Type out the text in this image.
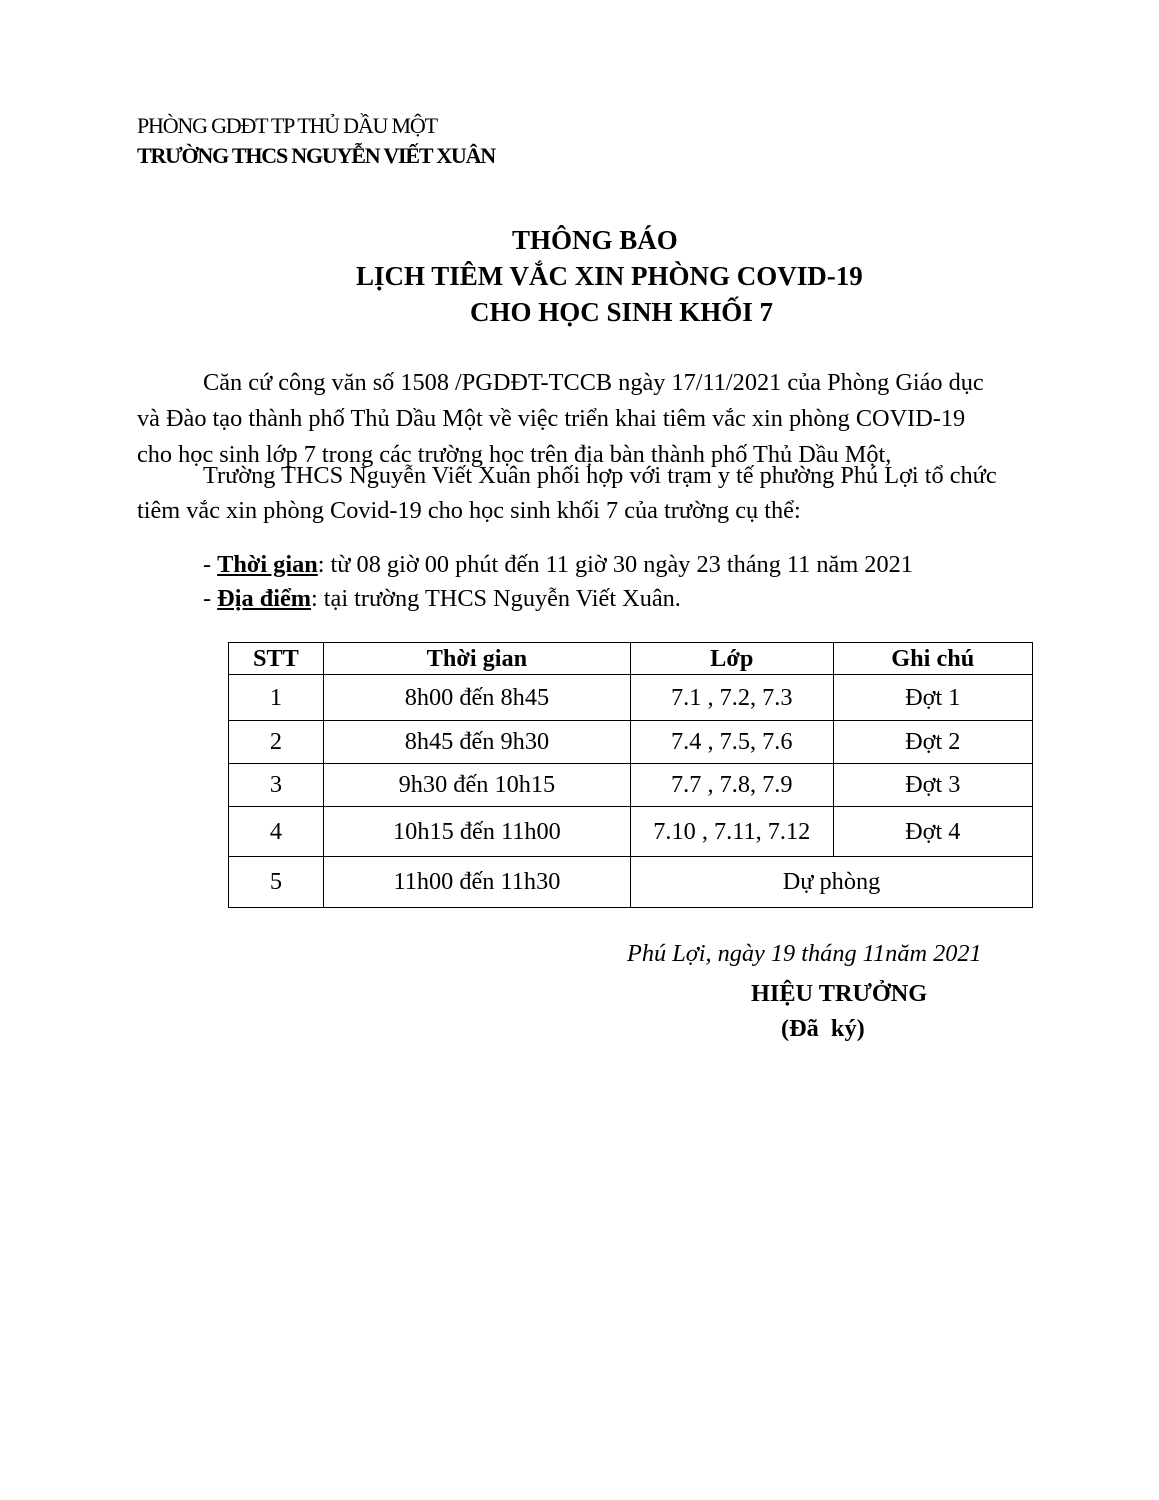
PHÒNG GDĐT TP THỦ DẦU MỘT
TRƯỜNG THCS NGUYỄN VIẾT XUÂN
THÔNG BÁO
LỊCH TIÊM VẮC XIN PHÒNG COVID-19
CHO HỌC SINH KHỐI 7
Căn cứ công văn số 1508 /PGDĐT-TCCB ngày 17/11/2021 của Phòng Giáo dục
và Đào tạo thành phố Thủ Dầu Một về việc triển khai tiêm vắc xin phòng COVID-19
cho học sinh lớp 7 trong các trường học trên địa bàn thành phố Thủ Dầu Một,
Trường THCS Nguyễn Viết Xuân phối hợp với trạm y tế phường Phú Lợi tổ chức
tiêm vắc xin phòng Covid-19 cho học sinh khối 7 của trường cụ thể:
- Thời gian: từ 08 giờ 00 phút đến 11 giờ 30 ngày 23 tháng 11 năm 2021
- Địa điểm: tại trường THCS Nguyễn Viết Xuân.
STT	Thời gian	Lớp	Ghi chú
1	8h00 đến 8h45	7.1 , 7.2, 7.3	Đợt 1
2	8h45 đến 9h30	7.4 , 7.5, 7.6	Đợt 2
3	9h30 đến 10h15	7.7 , 7.8, 7.9	Đợt 3
4	10h15 đến 11h00	7.10 , 7.11, 7.12	Đợt 4
5	11h00 đến 11h30	Dự phòng	
Phú Lợi, ngày 19 tháng 11năm 2021
HIỆU TRƯỞNG
(Đã  ký)
